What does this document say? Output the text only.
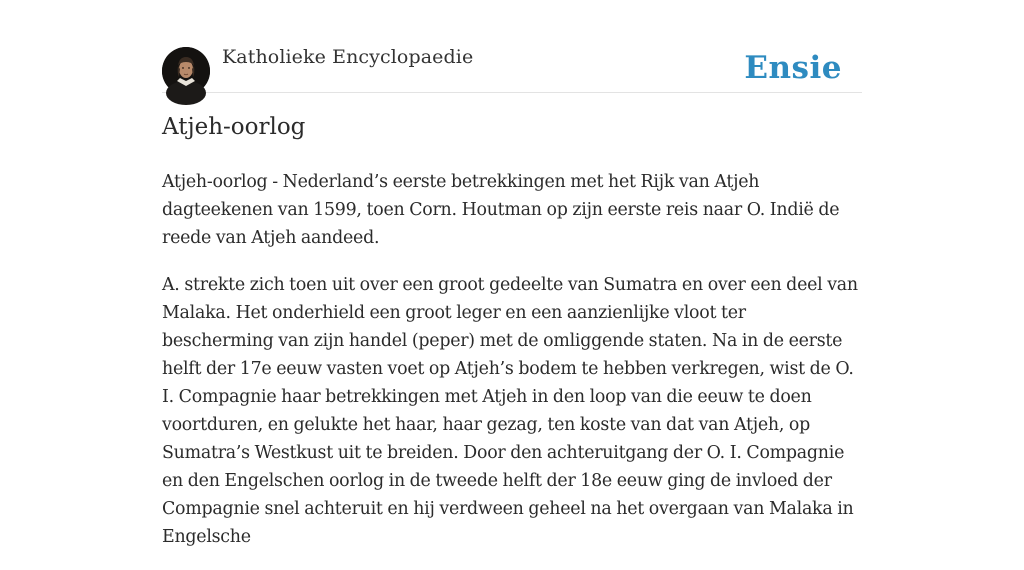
Katholieke Encyclopaedie	Ensie
Atjeh-oorlog

Atjeh-oorlog - Nederland’s eerste betrekkingen met het Rijk van Atjeh dagteekenen van 1599, toen Corn. Houtman op zijn eerste reis naar O. Indië de reede van Atjeh aandeed.

A. strekte zich toen uit over een groot gedeelte van Sumatra en over een deel van Malaka. Het onderhield een groot leger en een aanzienlijke vloot ter bescherming van zijn handel (peper) met de omliggende staten. Na in de eerste helft der 17e eeuw vasten voet op Atjeh’s bodem te hebben verkregen, wist de O. I. Compagnie haar betrekkingen met Atjeh in den loop van die eeuw te doen voortduren, en gelukte het haar, haar gezag, ten koste van dat van Atjeh, op Sumatra’s Westkust uit te breiden. Door den achteruitgang der O. I. Compagnie en den Engelschen oorlog in de tweede helft der 18e eeuw ging de invloed der Compagnie snel achteruit en hij verdween geheel na het overgaan van Malaka in Engelsche
